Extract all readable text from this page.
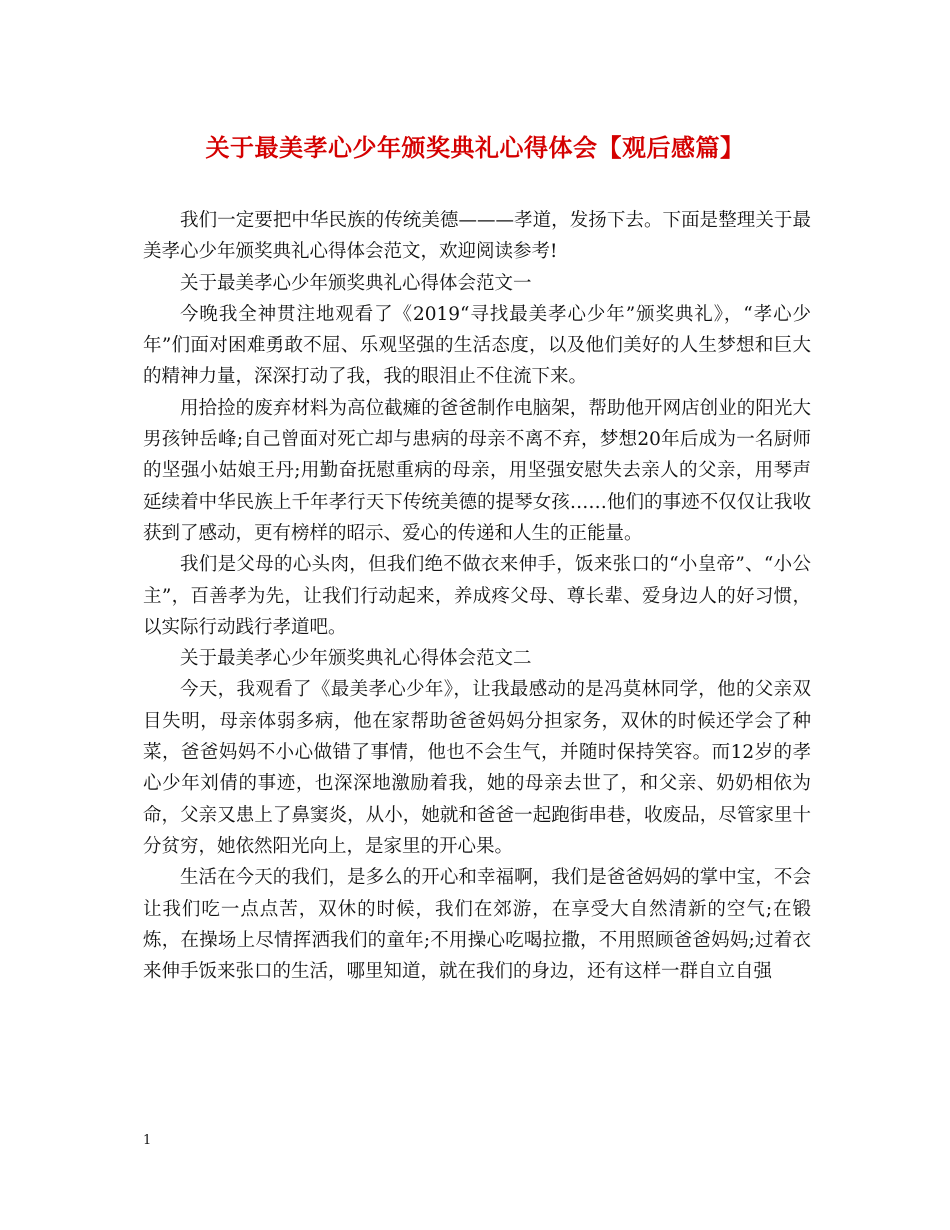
关于最美孝心少年颁奖典礼心得体会【观后感篇】

我们一定要把中华民族的传统美德———孝道，发扬下去。下面是整理关于最美孝心少年颁奖典礼心得体会范文，欢迎阅读参考!

关于最美孝心少年颁奖典礼心得体会范文一

今晚我全神贯注地观看了《2019“寻找最美孝心少年”颁奖典礼》，“孝心少年”们面对困难勇敢不屈、乐观坚强的生活态度，以及他们美好的人生梦想和巨大的精神力量，深深打动了我，我的眼泪止不住流下来。

用拾捡的废弃材料为高位截瘫的爸爸制作电脑架，帮助他开网店创业的阳光大男孩钟岳峰;自己曾面对死亡却与患病的母亲不离不弃，梦想20年后成为一名厨师的坚强小姑娘王丹;用勤奋抚慰重病的母亲，用坚强安慰失去亲人的父亲，用琴声延续着中华民族上千年孝行天下传统美德的提琴女孩……他们的事迹不仅仅让我收获到了感动，更有榜样的昭示、爱心的传递和人生的正能量。

我们是父母的心头肉，但我们绝不做衣来伸手，饭来张口的“小皇帝”、“小公主”，百善孝为先，让我们行动起来，养成疼父母、尊长辈、爱身边人的好习惯，以实际行动践行孝道吧。

关于最美孝心少年颁奖典礼心得体会范文二

今天，我观看了《最美孝心少年》，让我最感动的是冯莫林同学，他的父亲双目失明，母亲体弱多病，他在家帮助爸爸妈妈分担家务，双休的时候还学会了种菜，爸爸妈妈不小心做错了事情，他也不会生气，并随时保持笑容。而12岁的孝心少年刘倩的事迹，也深深地激励着我，她的母亲去世了，和父亲、奶奶相依为命，父亲又患上了鼻窦炎，从小，她就和爸爸一起跑街串巷，收废品，尽管家里十分贫穷，她依然阳光向上，是家里的开心果。

生活在今天的我们，是多么的开心和幸福啊，我们是爸爸妈妈的掌中宝，不会让我们吃一点点苦，双休的时候，我们在郊游，在享受大自然清新的空气;在锻炼，在操场上尽情挥洒我们的童年;不用操心吃喝拉撒，不用照顾爸爸妈妈;过着衣来伸手饭来张口的生活，哪里知道，就在我们的身边，还有这样一群自立自强

1
